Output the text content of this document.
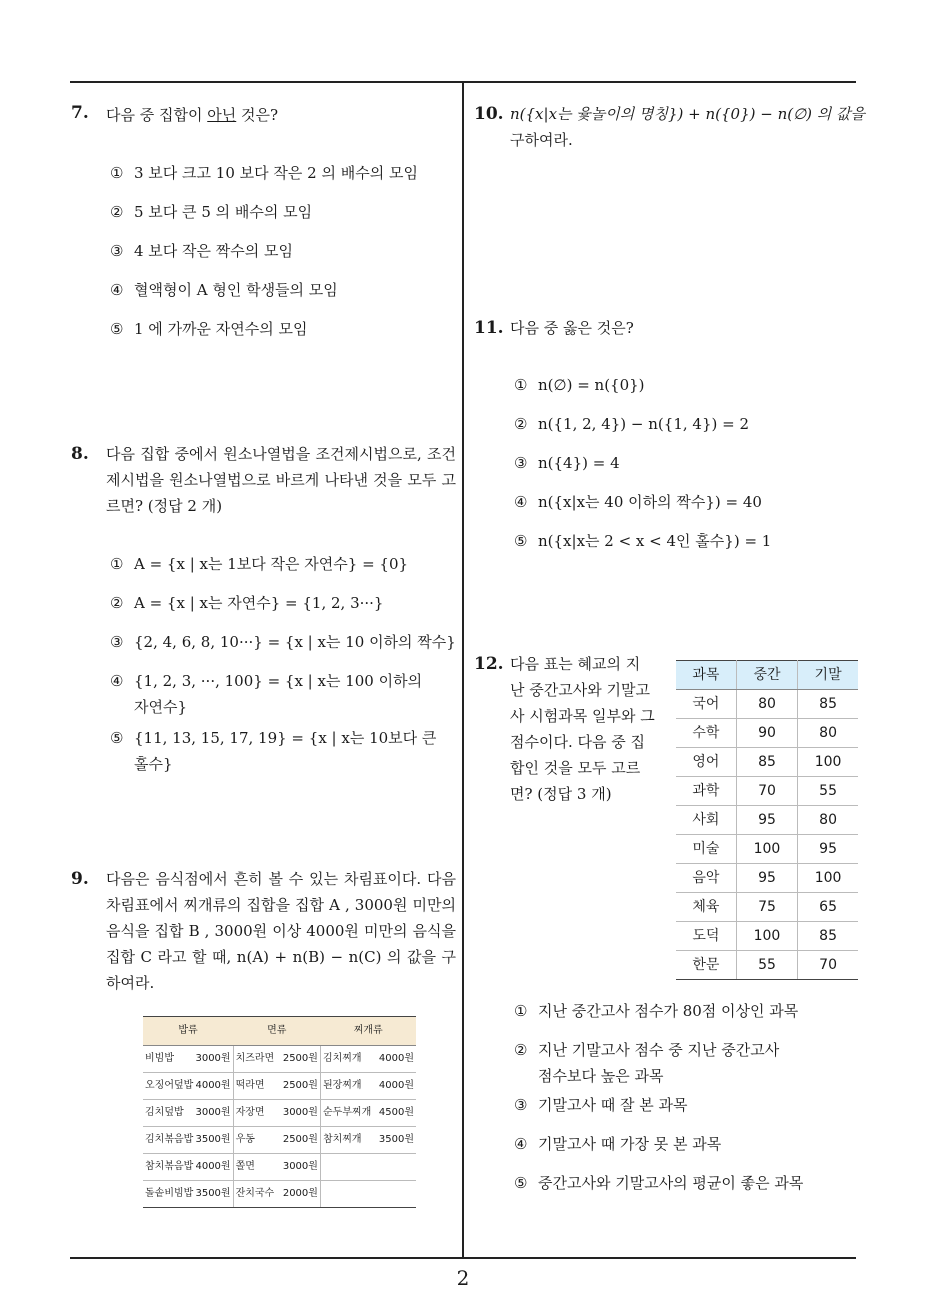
7. 다음 중 집합이 아닌 것은?
① 3 보다 크고 10 보다 작은 2 의 배수의 모임
② 5 보다 큰 5 의 배수의 모임
③ 4 보다 작은 짝수의 모임
④ 혈액형이 A 형인 학생들의 모임
⑤ 1 에 가까운 자연수의 모임
8. 다음 집합 중에서 원소나열법을 조건제시법으로, 조건제시법을 원소나열법으로 바르게 나타낸 것을 모두 고르면? (정답 2 개)
① A = {x | x는 1보다 작은 자연수} = {0}
② A = {x | x는 자연수} = {1, 2, 3···}
③ {2, 4, 6, 8, 10···} = {x | x는 10 이하의 짝수}
④ {1, 2, 3, ···, 100} = {x | x는 100 이하의
자연수}
⑤ {11, 13, 15, 17, 19} = {x | x는 10보다 큰
홀수}
9. 다음은 음식점에서 흔히 볼 수 있는 차림표이다. 다음 차림표에서 찌개류의 집합을 집합 A , 3000원 미만의 음식을 집합 B , 3000원 이상 4000원 미만의 음식을 집합 C 라고 할 때, n(A) + n(B) − n(C) 의 값을 구하여라.
밥류	면류	찌개류

비빔밥 3000원	치즈라면 2500원	김치찌개 4000원

오징어덮밥 4000원	떡라면 2500원	된장찌개 4000원

김치덮밥 3000원	자장면 3000원	순두부찌개 4500원

김치볶음밥 3500원	우동 2500원	참치찌개 3500원

참치볶음밥 4000원	쫄면 3000원	

돌솥비빔밥 3500원	잔치국수 2000원	

10. n({x|x는 윷놀이의 명칭}) + n({0}) − n(∅) 의 값을
구하여라.
11. 다음 중 옳은 것은?
① n(∅) = n({0})
② n({1, 2, 4}) − n({1, 4}) = 2
③ n({4}) = 4
④ n({x|x는 40 이하의 짝수}) = 40
⑤ n({x|x는 2 < x < 4인 홀수}) = 1
12. 다음 표는 혜교의 지
난 중간고사와 기말고
사 시험과목 일부와 그
점수이다. 다음 중 집
합인 것을 모두 고르
면? (정답 3 개)
과목	중간	기말
국어	80	85
수학	90	80
영어	85	100
과학	70	55
사회	95	80
미술	100	95
음악	95	100
체육	75	65
도덕	100	85
한문	55	70
① 지난 중간고사 점수가 80점 이상인 과목
② 지난 기말고사 점수 중 지난 중간고사
점수보다 높은 과목
③ 기말고사 때 잘 본 과목
④ 기말고사 때 가장 못 본 과목
⑤ 중간고사와 기말고사의 평균이 좋은 과목
2
